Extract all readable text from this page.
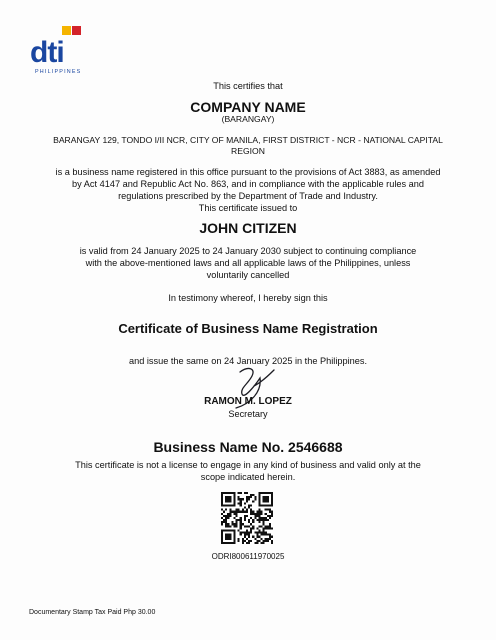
dti
PHILIPPINES
This certifies that
COMPANY NAME
(BARANGAY)
BARANGAY 129, TONDO I/II NCR, CITY OF MANILA, FIRST DISTRICT - NCR - NATIONAL CAPITAL
REGION
is a business name registered in this office pursuant to the provisions of Act 3883, as amended
by Act 4147 and Republic Act No. 863, and in compliance with the applicable rules and
regulations prescribed by the Department of Trade and Industry.
This certificate issued to
JOHN CITIZEN
is valid from 24 January 2025 to 24 January 2030 subject to continuing compliance
with the above-mentioned laws and all applicable laws of the Philippines, unless
voluntarily cancelled
In testimony whereof, I hereby sign this
Certificate of Business Name Registration
and issue the same on 24 January 2025 in the Philippines.
RAMON M. LOPEZ
Secretary
Business Name No. 2546688
This certificate is not a license to engage in any kind of business and valid only at the
scope indicated herein.
ODRI800611970025
Documentary Stamp Tax Paid Php 30.00
